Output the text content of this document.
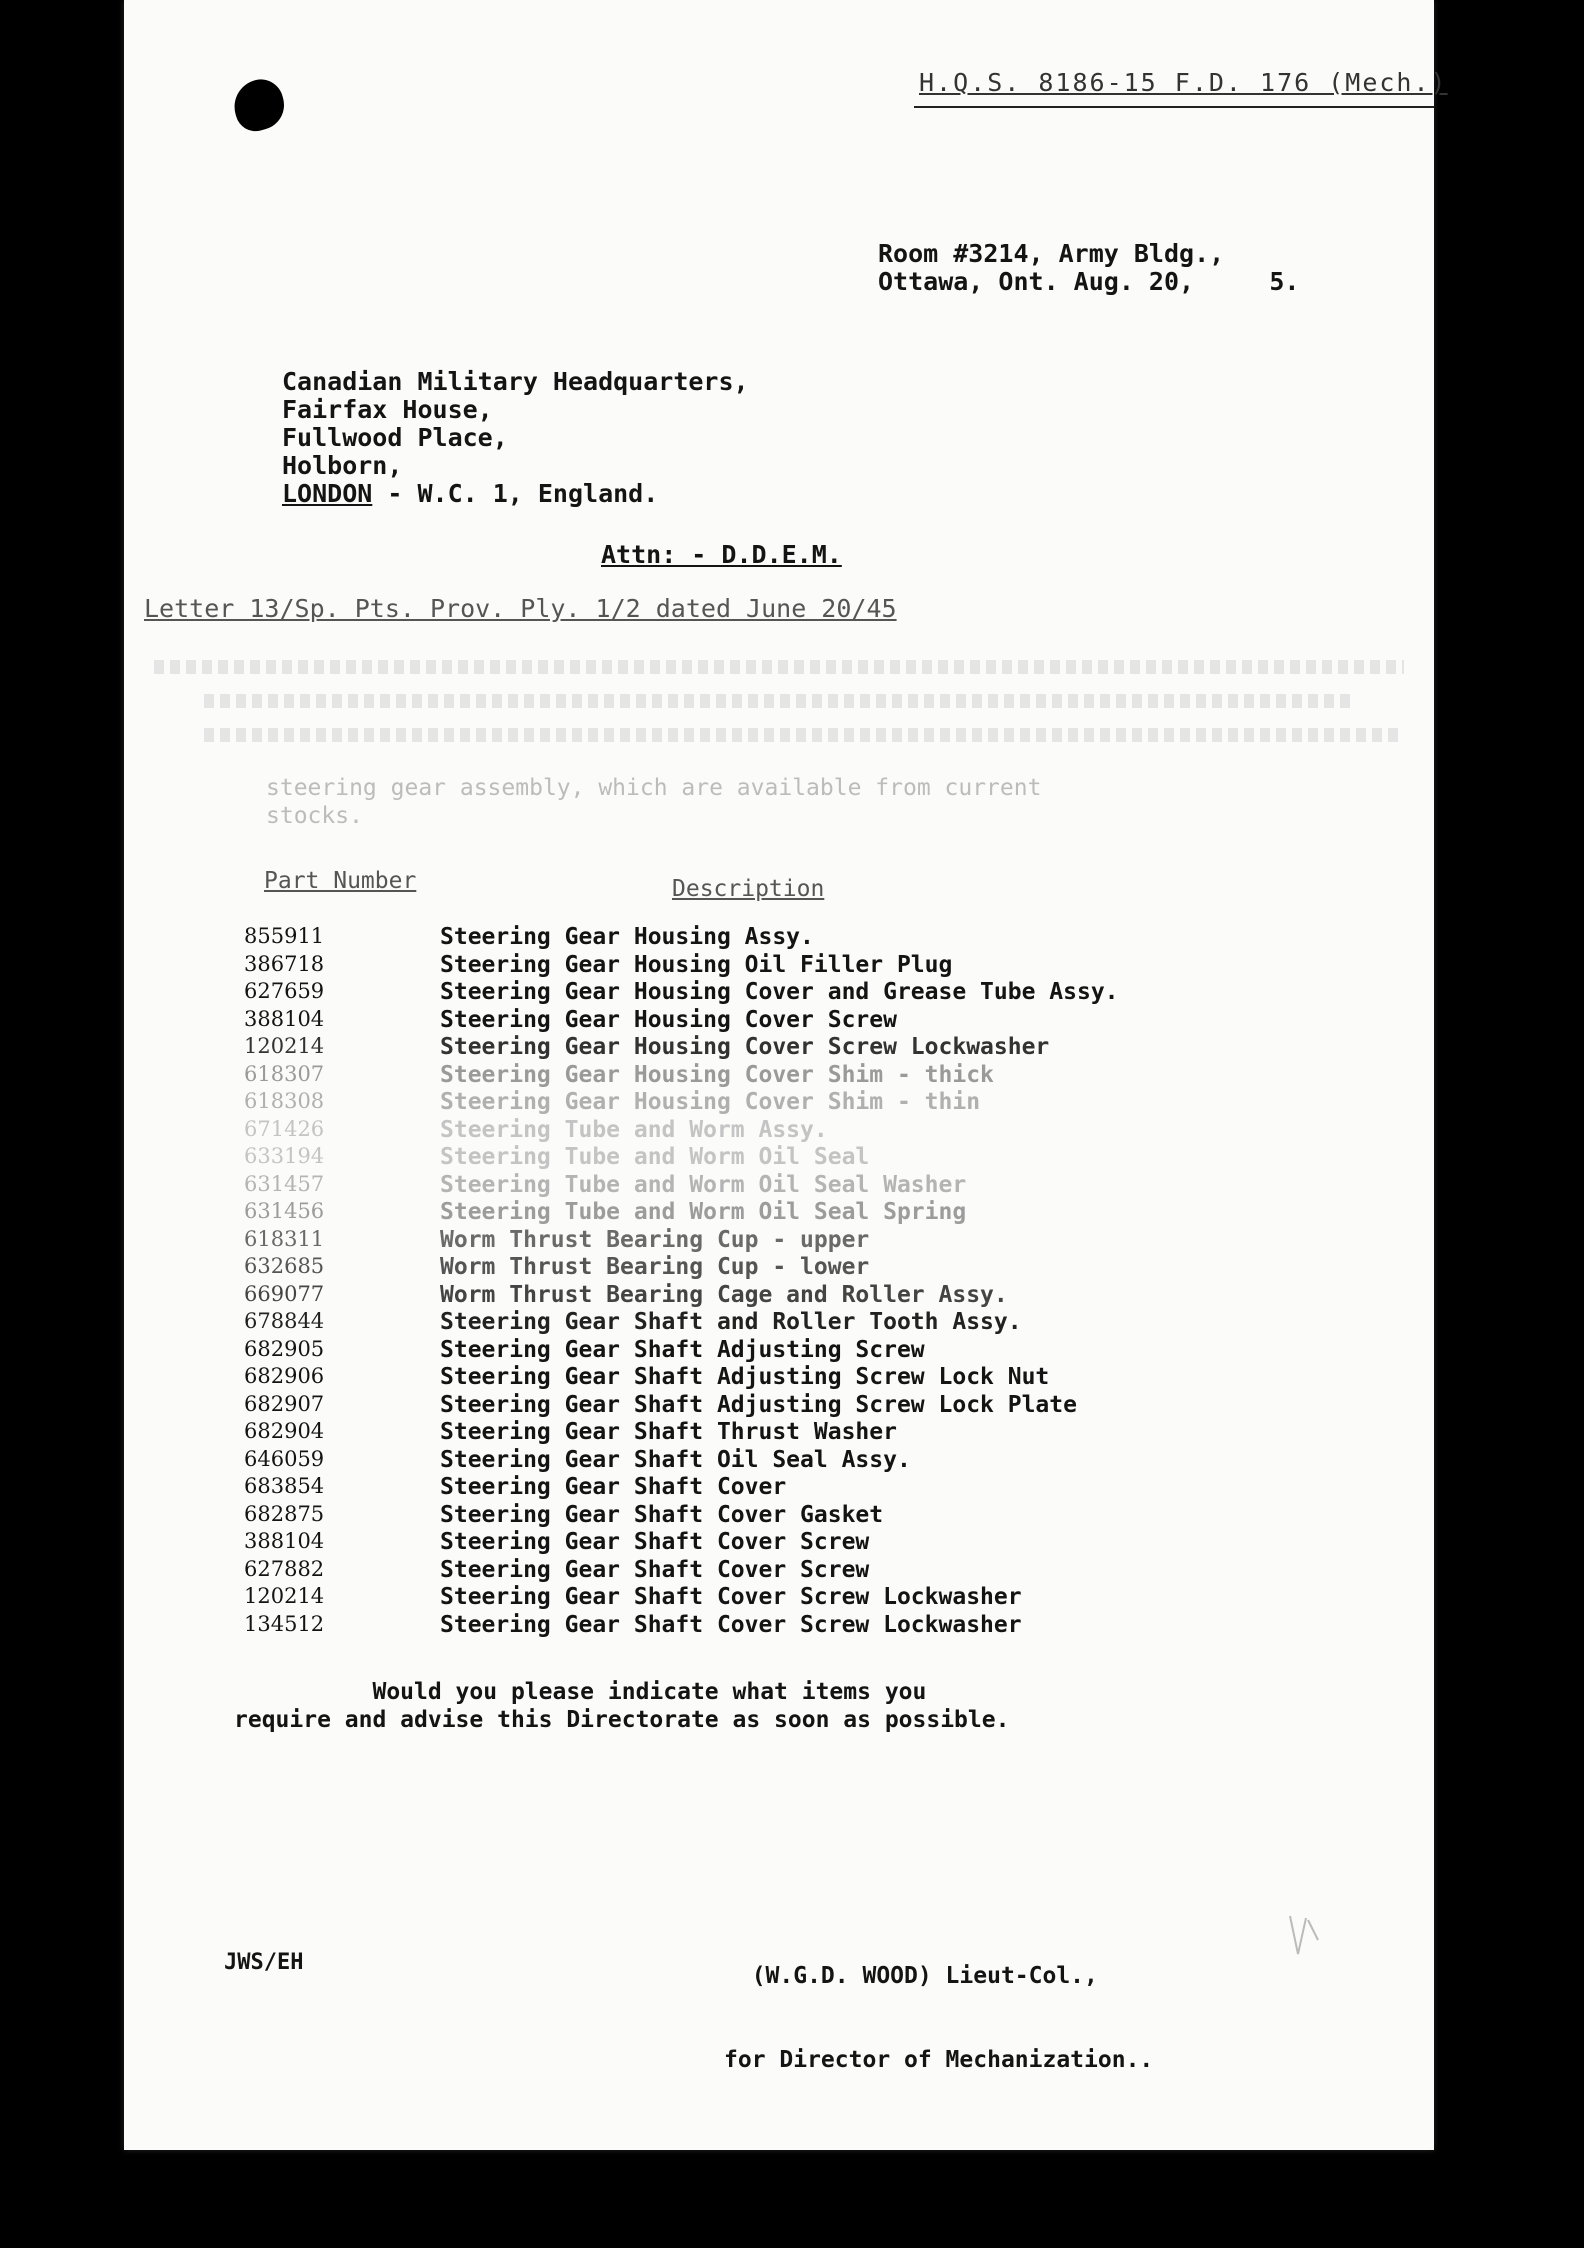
H.Q.S. 8186-15 F.D. 176 (Mech.)
Room #3214, Army Bldg.,
Ottawa, Ont. Aug. 20,     5.
Canadian Military Headquarters,
Fairfax House,
Fullwood Place,
Holborn,
LONDON - W.C. 1, England.
Attn: - D.D.E.M.
Letter 13/Sp. Pts. Prov. Ply. 1/2 dated June 20/45
steering gear assembly, which are available from current
stocks.
Part Number	Description
855911	Steering Gear Housing Assy.
386718	Steering Gear Housing Oil Filler Plug
627659	Steering Gear Housing Cover and Grease Tube Assy.
388104	Steering Gear Housing Cover Screw
120214	Steering Gear Housing Cover Screw Lockwasher
618307	Steering Gear Housing Cover Shim - thick
618308	Steering Gear Housing Cover Shim - thin
671426	Steering Tube and Worm Assy.
633194	Steering Tube and Worm Oil Seal
631457	Steering Tube and Worm Oil Seal Washer
631456	Steering Tube and Worm Oil Seal Spring
618311	Worm Thrust Bearing Cup - upper
632685	Worm Thrust Bearing Cup - lower
669077	Worm Thrust Bearing Cage and Roller Assy.
678844	Steering Gear Shaft and Roller Tooth Assy.
682905	Steering Gear Shaft Adjusting Screw
682906	Steering Gear Shaft Adjusting Screw Lock Nut
682907	Steering Gear Shaft Adjusting Screw Lock Plate
682904	Steering Gear Shaft Thrust Washer
646059	Steering Gear Shaft Oil Seal Assy.
683854	Steering Gear Shaft Cover
682875	Steering Gear Shaft Cover Gasket
388104	Steering Gear Shaft Cover Screw
627882	Steering Gear Shaft Cover Screw
120214	Steering Gear Shaft Cover Screw Lockwasher
134512	Steering Gear Shaft Cover Screw Lockwasher
Would you please indicate what items you
require and advise this Directorate as soon as possible.

(W.G.D. WOOD) Lieut-Col.,

for Director of Mechanization..

JWS/EH
